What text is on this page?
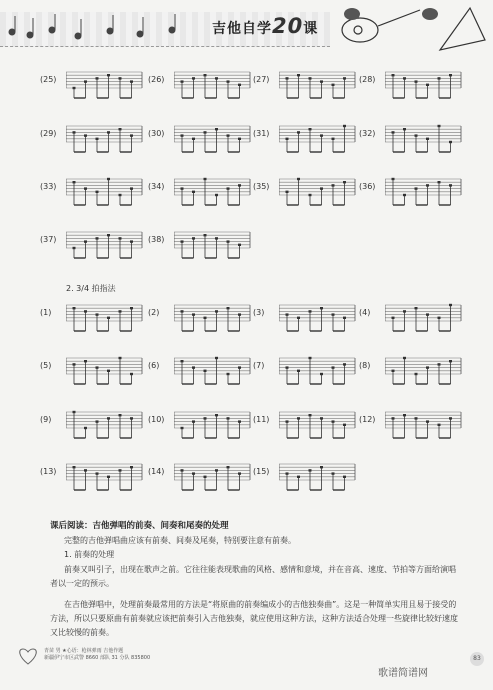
吉他自学20课
(25)	(26)	(27)	(28)
(29)	(30)	(31)	(32)
(33)	(34)	(35)	(36)
(37)	(38)
2. 3/4 拍指法
(1)	(2)	(3)	(4)
(5)	(6)	(7)	(8)
(9)	(10)	(11)	(12)
(13)	(14)	(15)
课后阅读：吉他弹唱的前奏、间奏和尾奏的处理
完整的吉他弹唱曲应该有前奏、间奏及尾奏，特别要注意有前奏。
1. 前奏的处理
前奏又叫引子，出现在歌声之前。它往往能表现歌曲的风格、感情和意境，并在音高、速度、节拍等方面给演唱者以一定的预示。
在吉他弹唱中，处理前奏最常用的方法是“将原曲的前奏编成小的吉他独奏曲”。这是一种简单实用且易于接受的方法，所以只要原曲有前奏就应该把前奏引入吉他独奏，就应使用这种方法，这种方法适合处理一些旋律比较好速度又比较慢的前奏。
青苗 男 ★心语：枪林弹雨 吉他作题
新疆伊宁市区武警 8660 部队 31 分队 835800	83
歌谱简谱网
